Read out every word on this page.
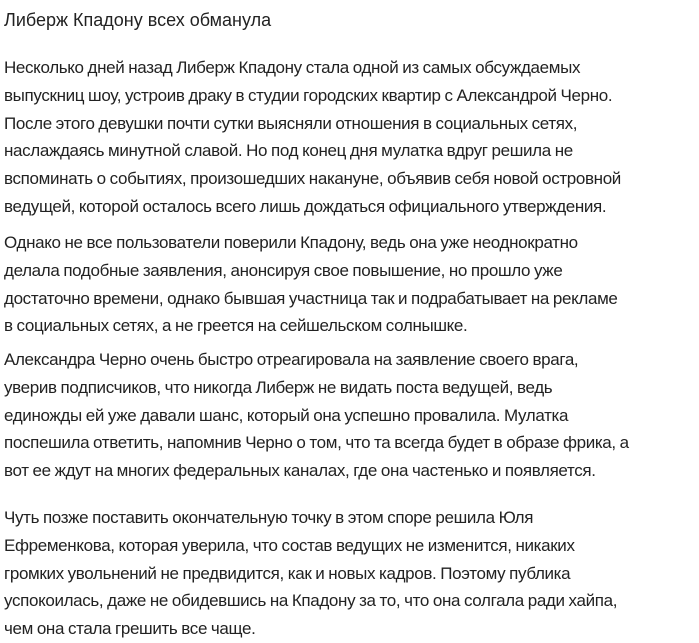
Либерж Кпадону всех обманула
Несколько дней назад Либерж Кпадону стала одной из самых обсуждаемых
выпускниц шоу, устроив драку в студии городских квартир с Александрой Черно.
После этого девушки почти сутки выясняли отношения в социальных сетях,
наслаждаясь минутной славой. Но под конец дня мулатка вдруг решила не
вспоминать о событиях, произошедших накануне, объявив себя новой островной
ведущей, которой осталось всего лишь дождаться официального утверждения.
Однако не все пользователи поверили Кпадону, ведь она уже неоднократно
делала подобные заявления, анонсируя свое повышение, но прошло уже
достаточно времени, однако бывшая участница так и подрабатывает на рекламе
в социальных сетях, а не греется на сейшельском солнышке.
Александра Черно очень быстро отреагировала на заявление своего врага,
уверив подписчиков, что никогда Либерж не видать поста ведущей, ведь
единожды ей уже давали шанс, который она успешно провалила. Мулатка
поспешила ответить, напомнив Черно о том, что та всегда будет в образе фрика, а
вот ее ждут на многих федеральных каналах, где она частенько и появляется.
Чуть позже поставить окончательную точку в этом споре решила Юля
Ефременкова, которая уверила, что состав ведущих не изменится, никаких
громких увольнений не предвидится, как и новых кадров. Поэтому публика
успокоилась, даже не обидевшись на Кпадону за то, что она солгала ради хайпа,
чем она стала грешить все чаще.
